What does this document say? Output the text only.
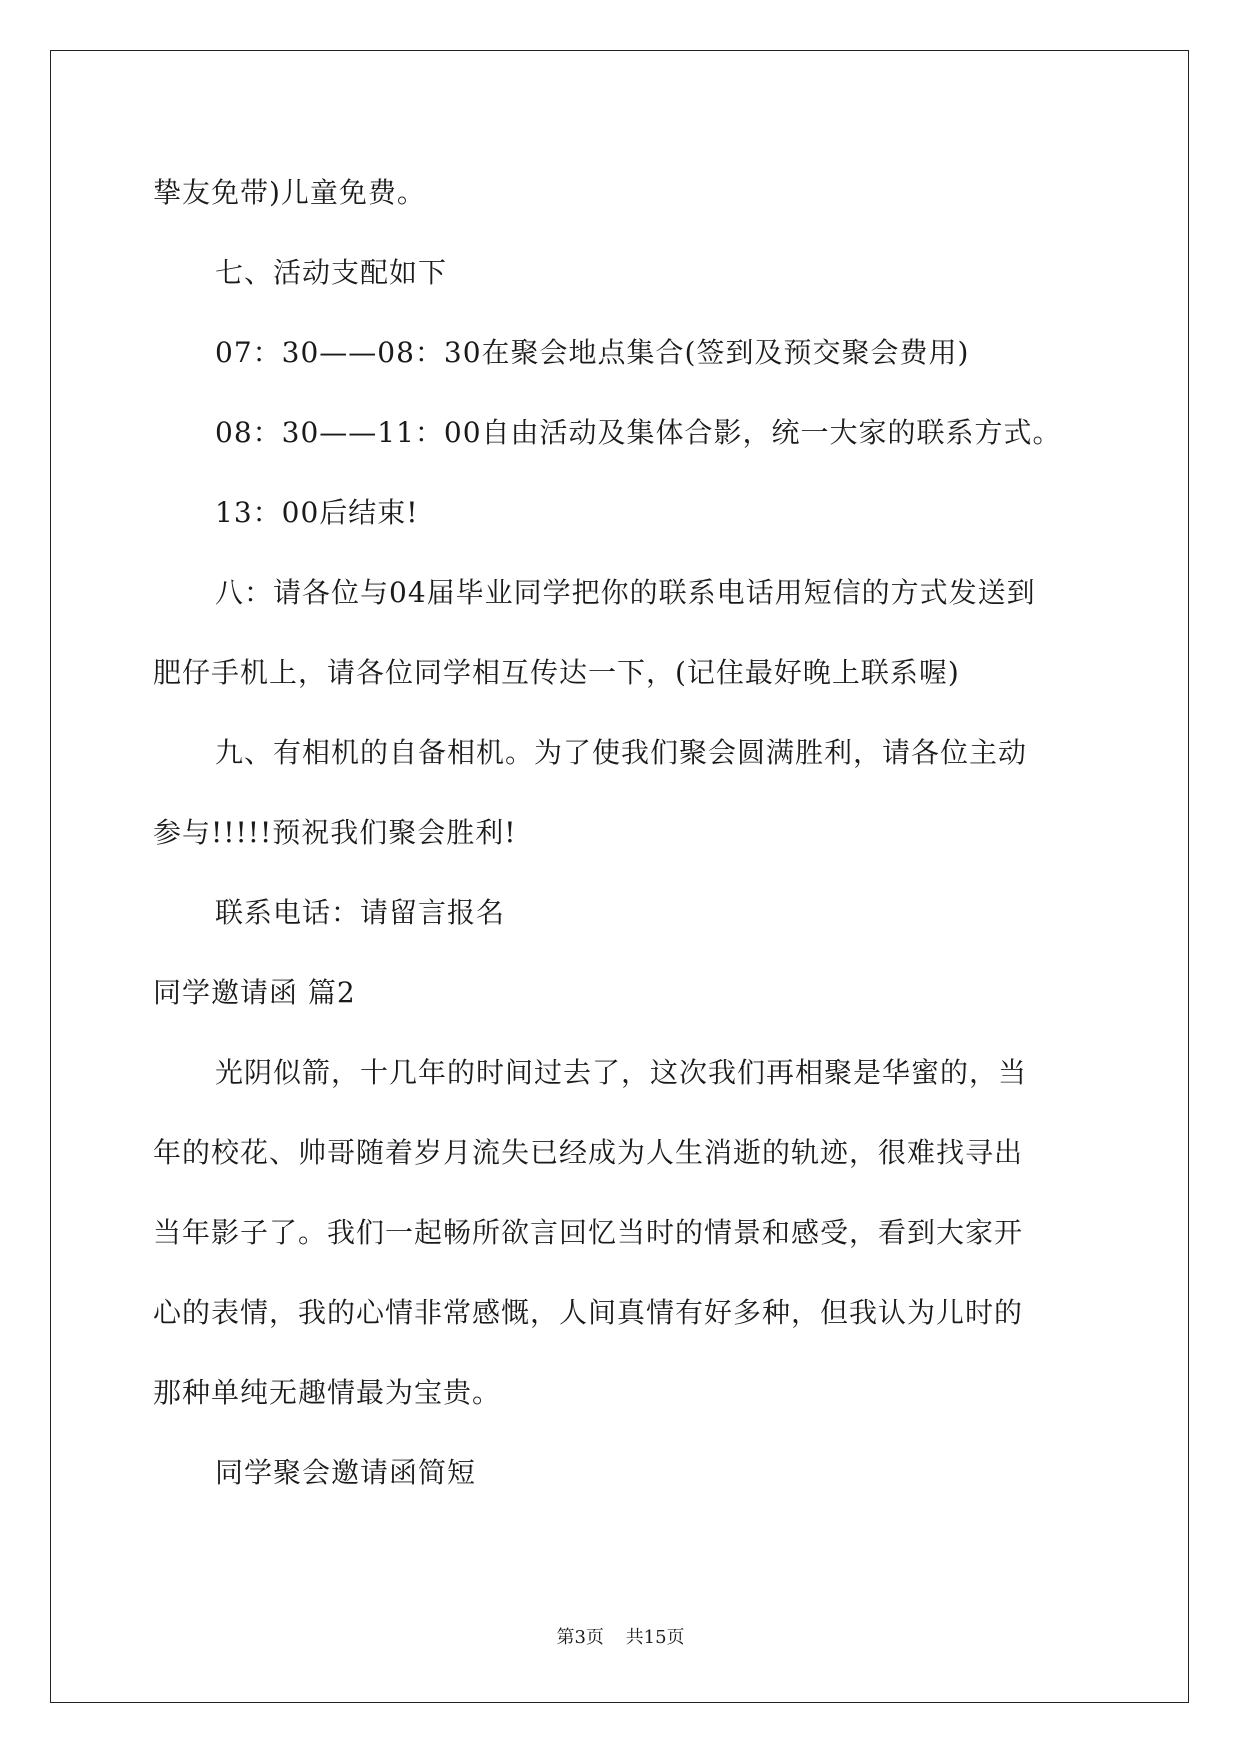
挚友免带)儿童免费。
七、活动支配如下
07：30——08：30在聚会地点集合(签到及预交聚会费用)
08：30——11：00自由活动及集体合影，统一大家的联系方式。
13：00后结束!
八：请各位与04届毕业同学把你的联系电话用短信的方式发送到
肥仔手机上，请各位同学相互传达一下，(记住最好晚上联系喔)
九、有相机的自备相机。为了使我们聚会圆满胜利，请各位主动
参与!!!!!预祝我们聚会胜利!
联系电话：请留言报名
同学邀请函 篇2
光阴似箭，十几年的时间过去了，这次我们再相聚是华蜜的，当
年的校花、帅哥随着岁月流失已经成为人生消逝的轨迹，很难找寻出
当年影子了。我们一起畅所欲言回忆当时的情景和感受，看到大家开
心的表情，我的心情非常感慨，人间真情有好多种，但我认为儿时的
那种单纯无趣情最为宝贵。
同学聚会邀请函简短
第3页 共15页
